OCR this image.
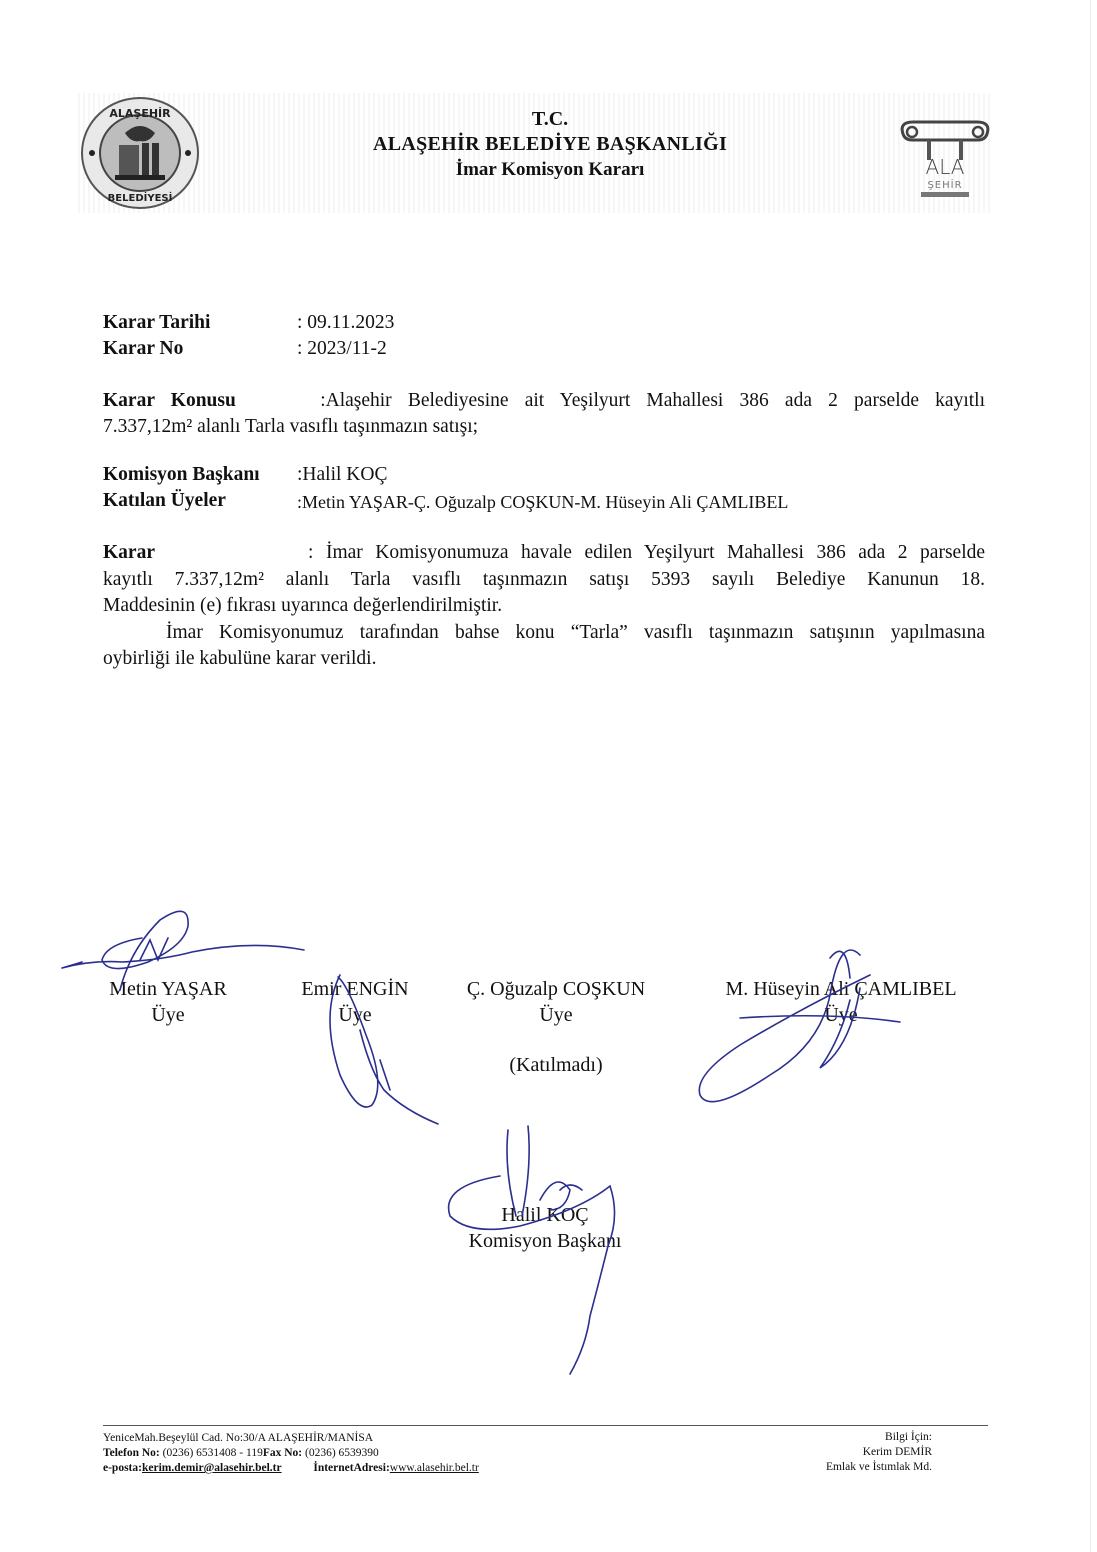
ALAŞEHİR
BELEDİYESİ
ALA
ŞEHİR
T.C.
ALAŞEHİR BELEDİYE BAŞKANLIĞI
İmar Komisyon Kararı
Karar Tarihi	: 09.11.2023
Karar No	: 2023/11-2
Karar Konusu	:Alaşehir Belediyesine ait Yeşilyurt Mahallesi 386 ada 2 parselde kayıtlı
7.337,12m² alanlı Tarla vasıflı taşınmazın satışı;
Komisyon Başkanı :Halil KOÇ
Katılan Üyeler	:Metin YAŞAR-Ç. Oğuzalp COŞKUN-M. Hüseyin Ali ÇAMLIBEL
Karar	: İmar Komisyonumuza havale edilen Yeşilyurt Mahallesi 386 ada 2 parselde
kayıtlı 7.337,12m² alanlı Tarla vasıflı taşınmazın satışı 5393 sayılı Belediye Kanunun 18.
Maddesinin (e) fıkrası uyarınca değerlendirilmiştir.
İmar Komisyonumuz tarafından bahse konu “Tarla” vasıflı taşınmazın satışının yapılmasına
oybirliği ile kabulüne karar verildi.
Metin YAŞAR
Üye
Emir ENGİN
Üye
Ç. Oğuzalp COŞKUN
Üye
(Katılmadı)
M. Hüseyin Ali ÇAMLIBEL
Üye
Halil KOÇ
Komisyon Başkanı
YeniceMah.Beşeylül Cad. No:30/A ALAŞEHİR/MANİSA
Telefon No: (0236) 6531408 - 119Fax No: (0236) 6539390
e-posta:kerim.demir@alasehir.bel.tr	İnternetAdresi:www.alasehir.bel.tr
Bilgi İçin:
Kerim DEMİR
Emlak ve İstımlak Md.
